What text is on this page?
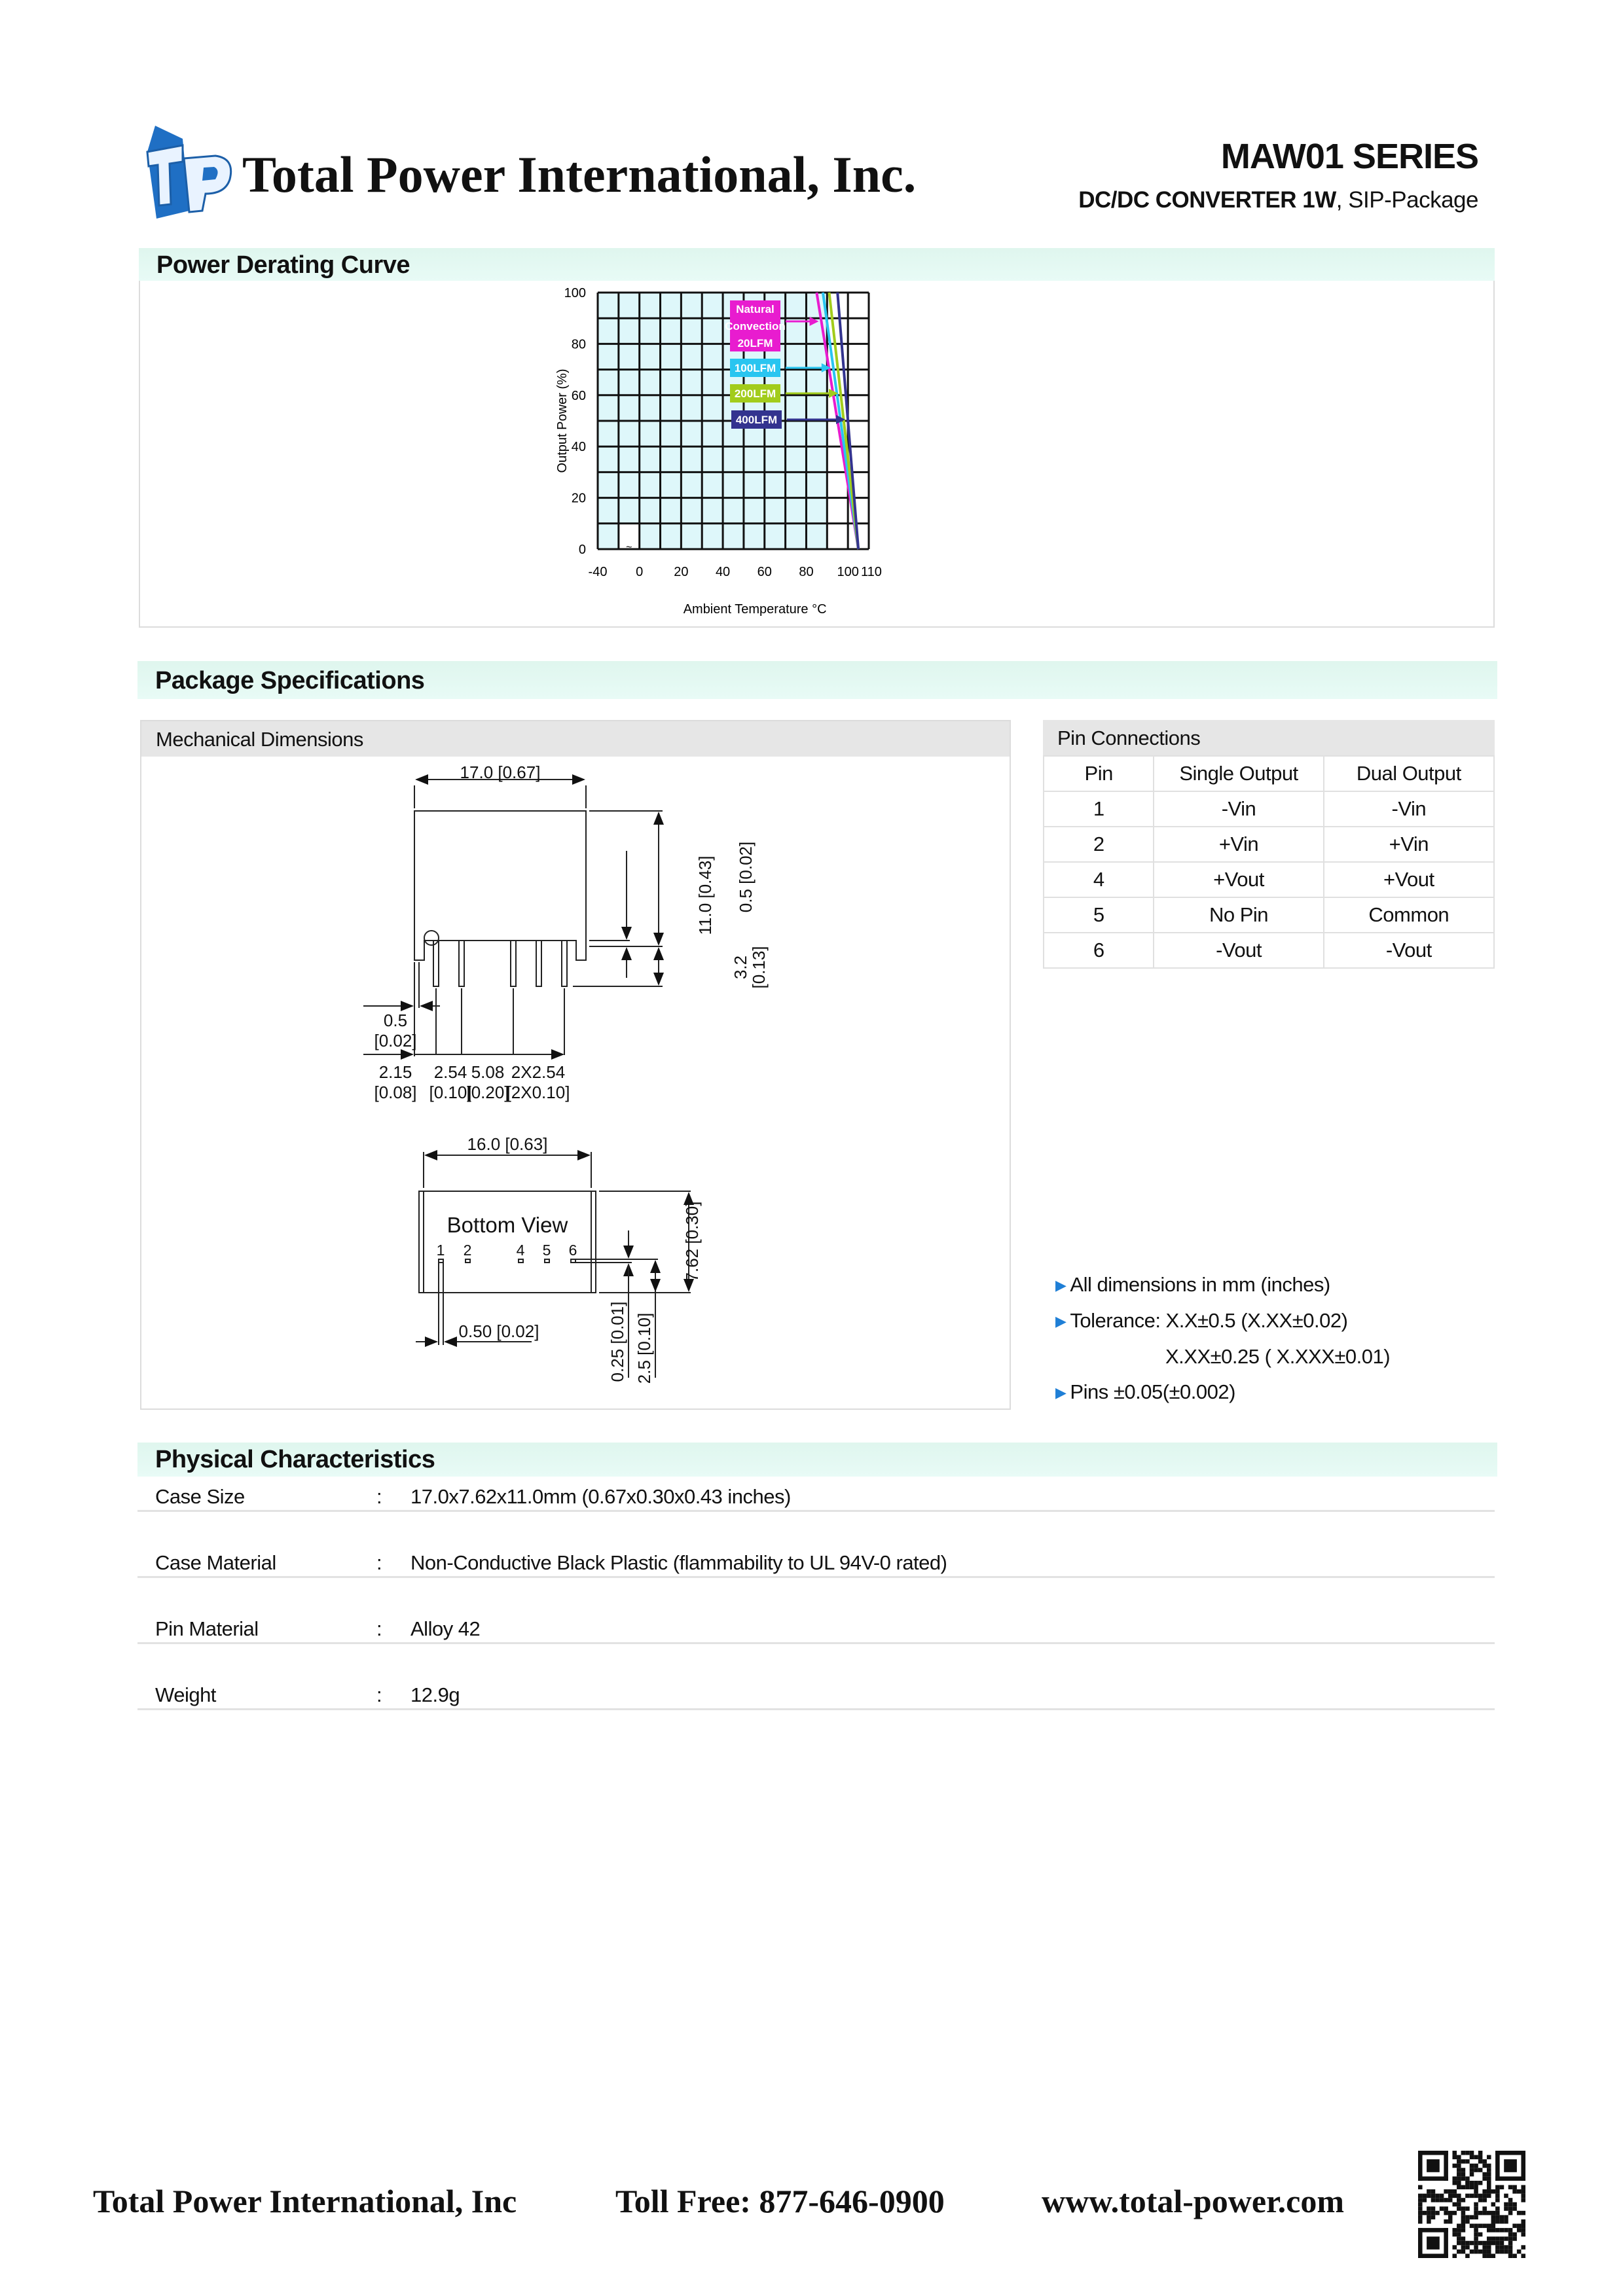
Total Power International, Inc.	MAW01 SERIES
DC/DC CONVERTER 1W, SIP-Package
Power Derating Curve
~
0
20
40
60
80
100
-40 0 20 40 60 80 100 110
Ambient Temperature °C
Output Power (%)
Natural
Convection
20LFM
100LFM
200LFM
400LFM
Package Specifications
Mechanical Dimensions
17.0 [0.67]
0.5 [0.02]
11.0 [0.43]
3.2
[0.13]
0.5
[0.02]
2.15
[0.08]
2.54
[0.10]
5.08
[0.20]
2X2.54
[2X0.10]
16.0 [0.63]
Bottom View
1 2	4 5 6
0.50 [0.02]
7.62 [0.30]
0.25 [0.01] 2.5 [0.10]
Pin Connections
Pin	Single Output	Dual Output
1	-Vin	-Vin
2	+Vin	+Vin
4	+Vout	+Vout
5	No Pin	Common
6	-Vout	-Vout
▶ All dimensions in mm (inches)
▶ Tolerance: X.X±0.5 (X.XX±0.02)
X.XX±0.25 ( X.XXX±0.01)
▶ Pins ±0.05(±0.002)
Physical Characteristics
Case Size	: 17.0x7.62x11.0mm (0.67x0.30x0.43 inches)
Case Material	: Non-Conductive Black Plastic (flammability to UL 94V-0 rated)
Pin Material	: Alloy 42
Weight	: 12.9g
Total Power International, Inc	Toll Free: 877-646-0900	www.total-power.com
